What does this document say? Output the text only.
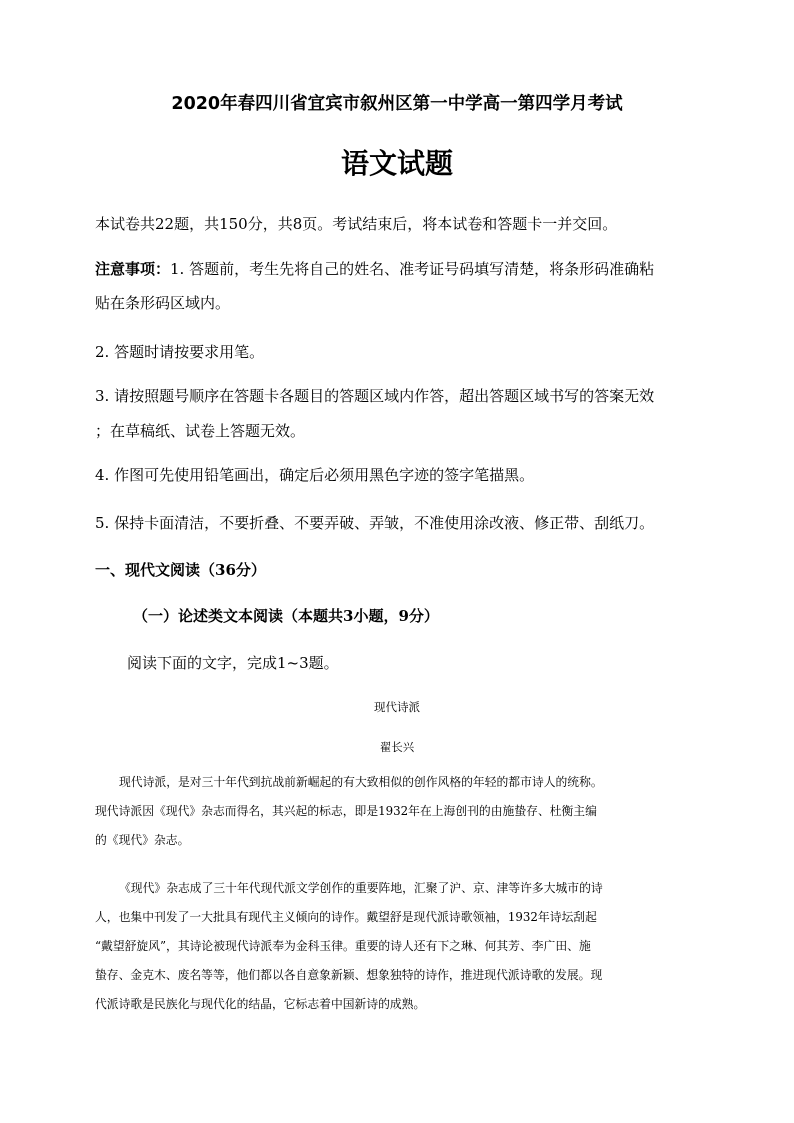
2020年春四川省宜宾市叙州区第一中学高一第四学月考试
语文试题
本试卷共22题，共150分，共8页。考试结束后，将本试卷和答题卡一并交回。
注意事项：1. 答题前，考生先将自己的姓名、准考证号码填写清楚，将条形码准确粘
贴在条形码区域内。
2. 答题时请按要求用笔。
3. 请按照题号顺序在答题卡各题目的答题区域内作答，超出答题区域书写的答案无效
；在草稿纸、试卷上答题无效。
4. 作图可先使用铅笔画出，确定后必须用黑色字迹的签字笔描黑。
5. 保持卡面清洁，不要折叠、不要弄破、弄皱，不准使用涂改液、修正带、刮纸刀。
一、现代文阅读（36分）
（一）论述类文本阅读（本题共3小题，9分）
阅读下面的文字，完成1~3题。
现代诗派
翟长兴
现代诗派，是对三十年代到抗战前新崛起的有大致相似的创作风格的年轻的都市诗人的统称。
现代诗派因《现代》杂志而得名，其兴起的标志，即是1932年在上海创刊的由施蛰存、杜衡主编
的《现代》杂志。
《现代》杂志成了三十年代现代派文学创作的重要阵地，汇聚了沪、京、津等许多大城市的诗
人，也集中刊发了一大批具有现代主义倾向的诗作。戴望舒是现代派诗歌领袖，1932年诗坛刮起
“戴望舒旋风”，其诗论被现代诗派奉为金科玉律。重要的诗人还有下之琳、何其芳、李广田、施
蛰存、金克木、废名等等，他们都以各自意象新颖、想象独特的诗作，推进现代派诗歌的发展。现
代派诗歌是民族化与现代化的结晶，它标志着中国新诗的成熟。
